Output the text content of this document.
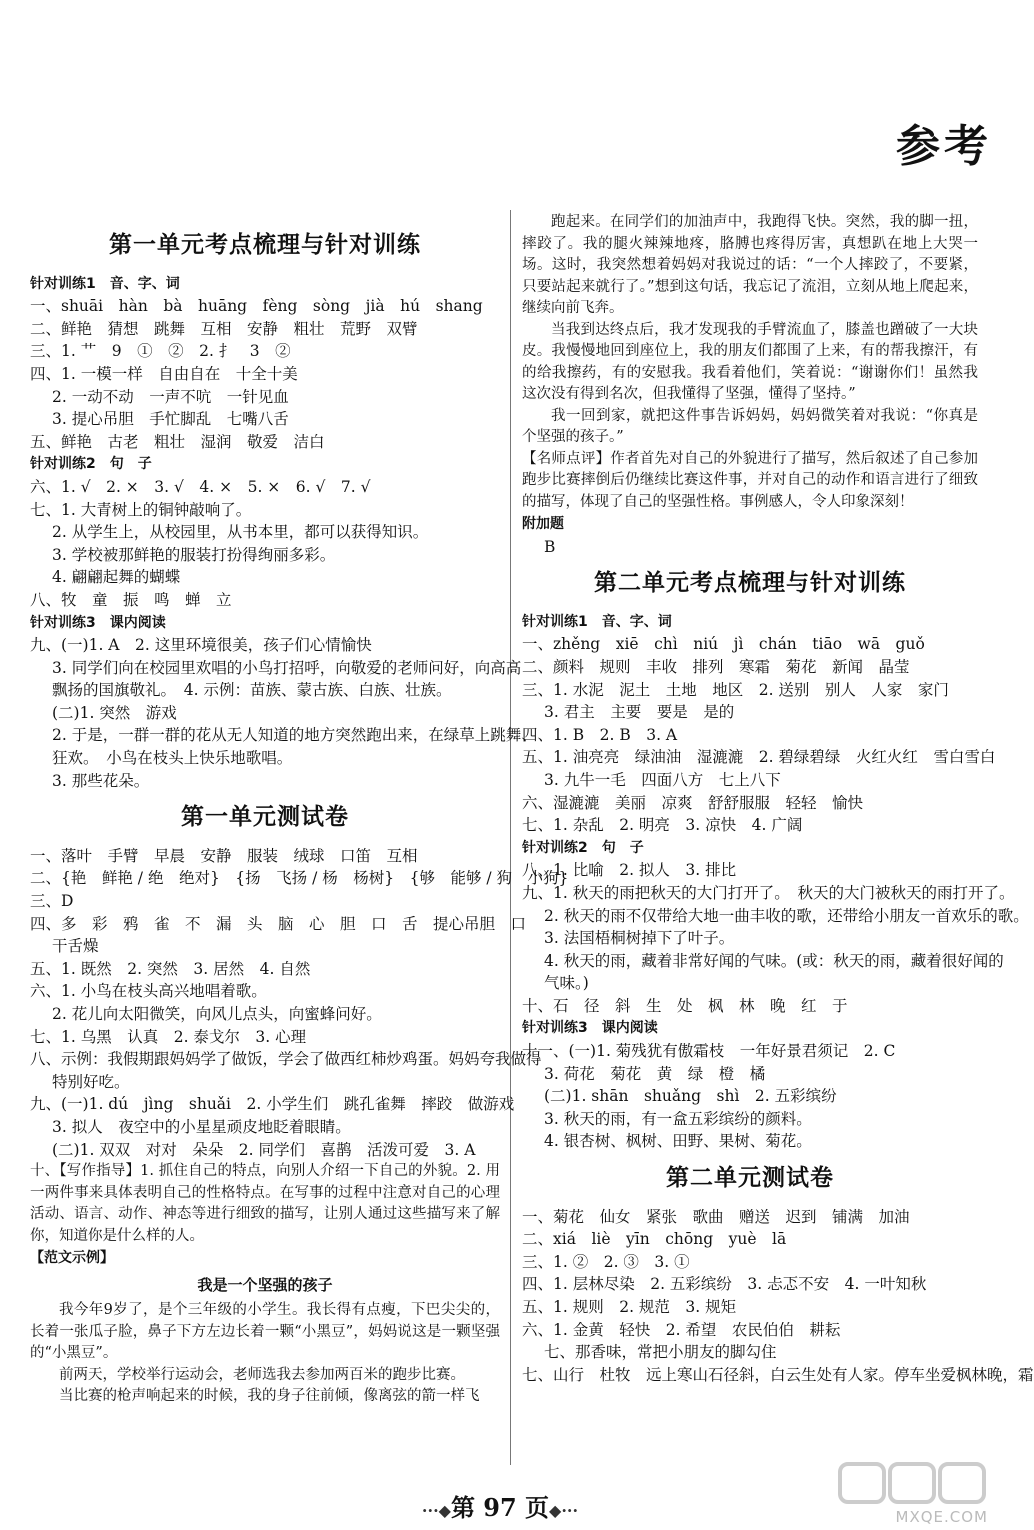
参考
第一单元考点梳理与针对训练
针对训练1　音、字、词
一、shuāi　hàn　bà　huāng　fèng　sòng　jià　hú　shang
二、鲜艳　猜想　跳舞　互相　安静　粗壮　荒野　双臂
三、1. 艹　9　①　②　2. 扌　3　②
四、1. 一模一样　自由自在　十全十美
2. 一动不动　一声不吭　一针见血
3. 提心吊胆　手忙脚乱　七嘴八舌
五、鲜艳　古老　粗壮　湿润　敬爱　洁白
针对训练2　句　子
六、1. √　2. ×　3. √　4. ×　5. ×　6. √　7. √
七、1. 大青树上的铜钟敲响了。
2. 从学生上，从校园里，从书本里，都可以获得知识。
3. 学校被那鲜艳的服装打扮得绚丽多彩。
4. 翩翩起舞的蝴蝶
八、牧　童　振　鸣　蝉　立
针对训练3　课内阅读
九、(一)1. A　2. 这里环境很美，孩子们心情愉快
3. 同学们向在校园里欢唱的小鸟打招呼，向敬爱的老师问好，向高高
飘扬的国旗敬礼。　4. 示例：苗族、蒙古族、白族、壮族。
(二)1. 突然　游戏
2. 于是，一群一群的花从无人知道的地方突然跑出来，在绿草上跳舞、
狂欢。　小鸟在枝头上快乐地歌唱。
3. 那些花朵。
第一单元测试卷
一、落叶　手臂　早晨　安静　服装　绒球　口笛　互相
二、{艳　鲜艳 / 绝　绝对}　{扬　飞扬 / 杨　杨树}　{够　能够 / 狗　小狗}
三、D
四、多　彩　鸦　雀　不　漏　头　脑　心　胆　口　舌　提心吊胆　口
干舌燥
五、1. 既然　2. 突然　3. 居然　4. 自然
六、1. 小鸟在枝头高兴地唱着歌。
2. 花儿向太阳微笑，向风儿点头，向蜜蜂问好。
七、1. 乌黑　认真　2. 泰戈尔　3. 心理
八、示例：我假期跟妈妈学了做饭，学会了做西红柿炒鸡蛋。妈妈夸我做得
特别好吃。
九、(一)1. dú　jìng　shuǎi　2. 小学生们　跳孔雀舞　摔跤　做游戏
3. 拟人　夜空中的小星星顽皮地眨着眼睛。
(二)1. 双双　对对　朵朵　2. 同学们　喜鹊　活泼可爱　3. A
十、【写作指导】1. 抓住自己的特点，向别人介绍一下自己的外貌。2. 用一两件事来具体表明自己的性格特点。在写事的过程中注意对自己的心理活动、语言、动作、神态等进行细致的描写，让别人通过这些描写来了解你，知道你是什么样的人。
【范文示例】
我是一个坚强的孩子
我今年9岁了，是个三年级的小学生。我长得有点瘦，下巴尖尖的，长着一张瓜子脸，鼻子下方左边长着一颗“小黑豆”，妈妈说这是一颗坚强的“小黑豆”。
前两天，学校举行运动会，老师选我去参加两百米的跑步比赛。
当比赛的枪声响起来的时候，我的身子往前倾，像离弦的箭一样飞
跑起来。在同学们的加油声中，我跑得飞快。突然，我的脚一扭，摔跤了。我的腿火辣辣地疼，胳膊也疼得厉害，真想趴在地上大哭一场。这时，我突然想着妈妈对我说过的话：“一个人摔跤了，不要紧，只要站起来就行了。”想到这句话，我忘记了流泪，立刻从地上爬起来，继续向前飞奔。
当我到达终点后，我才发现我的手臂流血了，膝盖也蹭破了一大块皮。我慢慢地回到座位上，我的朋友们都围了上来，有的帮我擦汗，有的给我擦药，有的安慰我。我看着他们，笑着说：“谢谢你们！虽然我这次没有得到名次，但我懂得了坚强，懂得了坚持。”
我一回到家，就把这件事告诉妈妈，妈妈微笑着对我说：“你真是个坚强的孩子。”
【名师点评】作者首先对自己的外貌进行了描写，然后叙述了自己参加跑步比赛摔倒后仍继续比赛这件事，并对自己的动作和语言进行了细致的描写，体现了自己的坚强性格。事例感人，令人印象深刻！
附加题
B
第二单元考点梳理与针对训练
针对训练1　音、字、词
一、zhěng　xiē　chì　niú　jì　chán　tiāo　wā　guǒ
二、颜料　规则　丰收　排列　寒霜　菊花　新闻　晶莹
三、1. 水泥　泥土　土地　地区　2. 送别　别人　人家　家门
3. 君主　主要　要是　是的
四、1. B　2. B　3. A
五、1. 油亮亮　绿油油　湿漉漉　2. 碧绿碧绿　火红火红　雪白雪白
3. 九牛一毛　四面八方　七上八下
六、湿漉漉　美丽　凉爽　舒舒服服　轻轻　愉快
七、1. 杂乱　2. 明亮　3. 凉快　4. 广阔
针对训练2　句　子
八、1. 比喻　2. 拟人　3. 排比
九、1. 秋天的雨把秋天的大门打开了。　秋天的大门被秋天的雨打开了。
2. 秋天的雨不仅带给大地一曲丰收的歌，还带给小朋友一首欢乐的歌。
3. 法国梧桐树掉下了叶子。
4. 秋天的雨，藏着非常好闻的气味。(或：秋天的雨，藏着很好闻的
气味。)
十、石　径　斜　生　处　枫　林　晚　红　于
针对训练3　课内阅读
十一、(一)1. 菊残犹有傲霜枝　一年好景君须记　2. C
3. 荷花　菊花　黄　绿　橙　橘
(二)1. shān　shuǎng　shì　2. 五彩缤纷
3. 秋天的雨，有一盒五彩缤纷的颜料。
4. 银杏树、枫树、田野、果树、菊花。
第二单元测试卷
一、菊花　仙女　紧张　歌曲　赠送　迟到　铺满　加油
二、xiá　liè　yīn　chōng　yuè　lā
三、1. ②　2. ③　3. ①
四、1. 层林尽染　2. 五彩缤纷　3. 忐忑不安　4. 一叶知秋
五、1. 规则　2. 规范　3. 规矩
六、1. 金黄　轻快　2. 希望　农民伯伯　耕耘
七、那香味，常把小朋友的脚勾住
七、山行　杜牧　远上寒山石径斜，白云生处有人家。停车坐爱枫林晚，霜
···◆第 97 页◆···	MXQE.COM
